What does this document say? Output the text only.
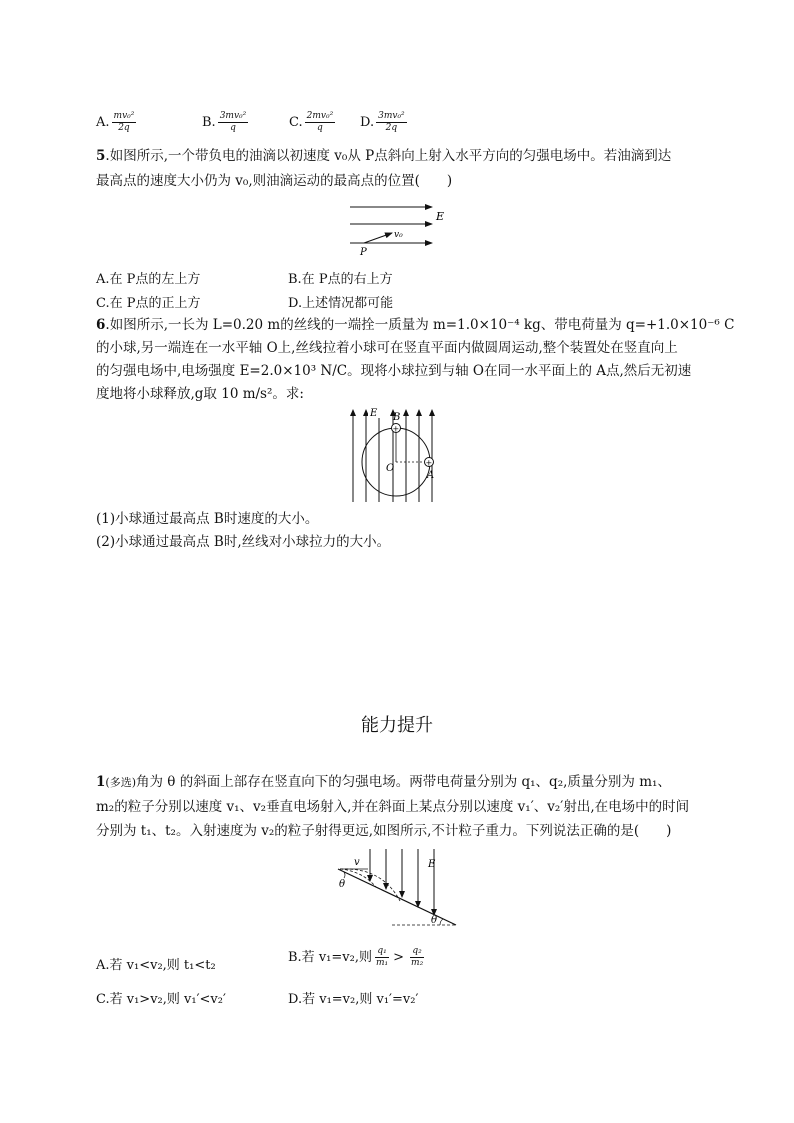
A. $\frac{\text{mv₀²}}{2q}$	B. $\frac{\text{3mv₀²}}{q}$	C. $\frac{\text{2mv₀²}}{q} D$. $\frac{\text{3mv₀²}}{2q}$
5.如图所示,一个带负电的油滴以初速度 v₀从 P点斜向上射入水平方向的匀强电场中。若油滴到达
最高点的速度大小仍为 v₀,则油滴运动的最高点的位置(　　)
E
v₀
P
A.在 P点的左上方	B.在 P点的右上方
C.在 P点的正上方	D.上述情况都可能
6.如图所示,一长为 L=0.20 m的丝线的一端拴一质量为 m=1.0×10⁻⁴ kg、带电荷量为 q=+1.0×10⁻⁶ C
的小球,另一端连在一水平轴 O上,丝线拉着小球可在竖直平面内做圆周运动,整个装置处在竖直向上
的匀强电场中,电场强度 E=2.0×10³ N/C。现将小球拉到与轴 O在同一水平面上的 A点,然后无初速
度地将小球释放,g取 10 m/s²。求:
+
+
E B
O
A
(1)小球通过最高点 B时速度的大小。
(2)小球通过最高点 B时,丝线对小球拉力的大小。
能力提升
1(多选)角为 θ 的斜面上部存在竖直向下的匀强电场。两带电荷量分别为 q₁、q₂,质量分别为 m₁、
m₂的粒子分别以速度 v₁、v₂垂直电场射入,并在斜面上某点分别以速度 v₁′、v₂′射出,在电场中的时间
分别为 t₁、t₂。入射速度为 v₂的粒子射得更远,如图所示,不计粒子重力。下列说法正确的是(　　)
v	E
θ
θ
A.若 v₁<v₂,则 t₁<t₂
B.若 v₁=v₂,则 $\frac{\text{q₁}}{\text{m₁}} > \frac{\text{q₂}}{\text{m₂}}$
C.若 v₁>v₂,则 v₁′<v₂′	D.若 v₁=v₂,则 v₁′=v₂′
